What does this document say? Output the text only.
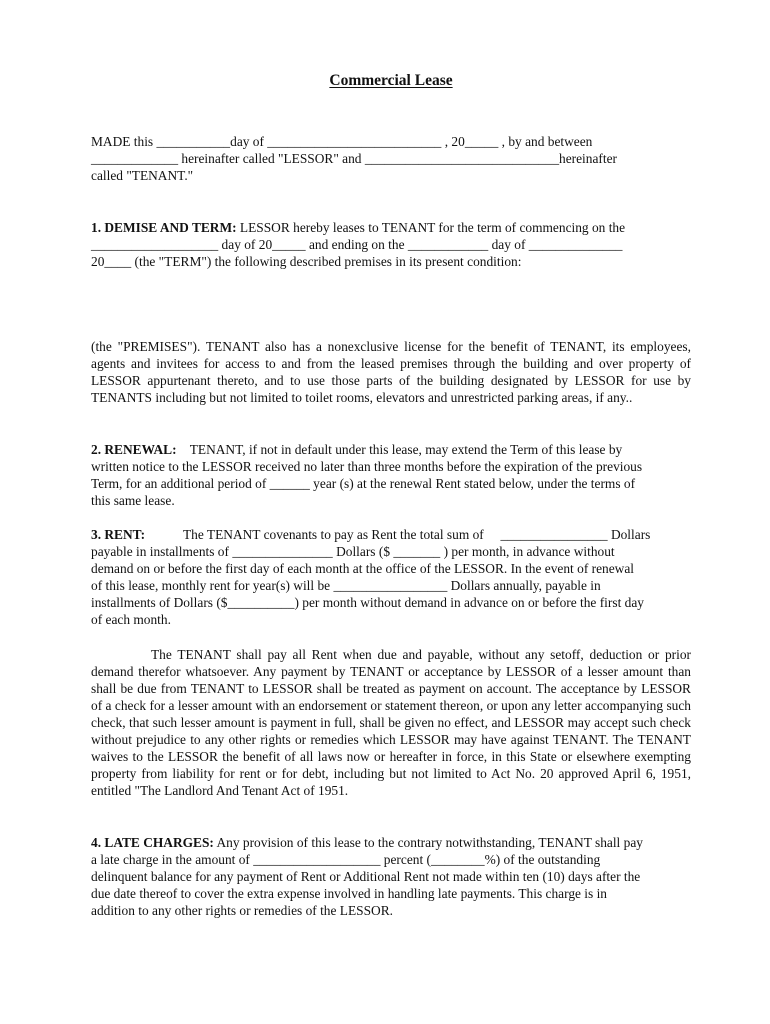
Commercial Lease
MADE this ___________day of __________________________ , 20_____ , by and between
_____________ hereinafter called "LESSOR" and _____________________________hereinafter
called "TENANT."
1. DEMISE AND TERM: LESSOR hereby leases to TENANT for the term of commencing on the
___________________ day of 20_____ and ending on the ____________ day of ______________
20____ (the "TERM") the following described premises in its present condition:
(the "PREMISES"). TENANT also has a nonexclusive license for the benefit of TENANT, its employees, agents and invitees for access to and from the leased premises through the building and over property of LESSOR appurtenant thereto, and to use those parts of the building designated by LESSOR for use by TENANTS including but not limited to toilet rooms, elevators and unrestricted parking areas, if any..
2. RENEWAL:    TENANT, if not in default under this lease, may extend the Term of this lease by
written notice to the LESSOR received no later than three months before the expiration of the previous
Term, for an additional period of ______ year (s) at the renewal Rent stated below, under the terms of
this same lease.
3. RENT:	The TENANT covenants to pay as Rent the total sum of     ________________ Dollars
payable in installments of _______________ Dollars ($ _______ ) per month, in advance without
demand on or before the first day of each month at the office of the LESSOR. In the event of renewal
of this lease, monthly rent for year(s) will be _________________ Dollars annually, payable in
installments of Dollars ($__________) per month without demand in advance on or before the first day
of each month.
The TENANT shall pay all Rent when due and payable, without any setoff, deduction or prior demand therefor whatsoever. Any payment by TENANT or acceptance by LESSOR of a lesser amount than shall be due from TENANT to LESSOR shall be treated as payment on account. The acceptance by LESSOR of a check for a lesser amount with an endorsement or statement thereon, or upon any letter accompanying such check, that such lesser amount is payment in full, shall be given no effect, and LESSOR may accept such check without prejudice to any other rights or remedies which LESSOR may have against TENANT. The TENANT waives to the LESSOR the benefit of all laws now or hereafter in force, in this State or elsewhere exempting property from liability for rent or for debt, including but not limited to Act No. 20 approved April 6, 1951, entitled "The Landlord And Tenant Act of 1951.
4. LATE CHARGES: Any provision of this lease to the contrary notwithstanding, TENANT shall pay
a late charge in the amount of ___________________ percent (________%) of the outstanding
delinquent balance for any payment of Rent or Additional Rent not made within ten (10) days after the
due date thereof to cover the extra expense involved in handling late payments. This charge is in
addition to any other rights or remedies of the LESSOR.
